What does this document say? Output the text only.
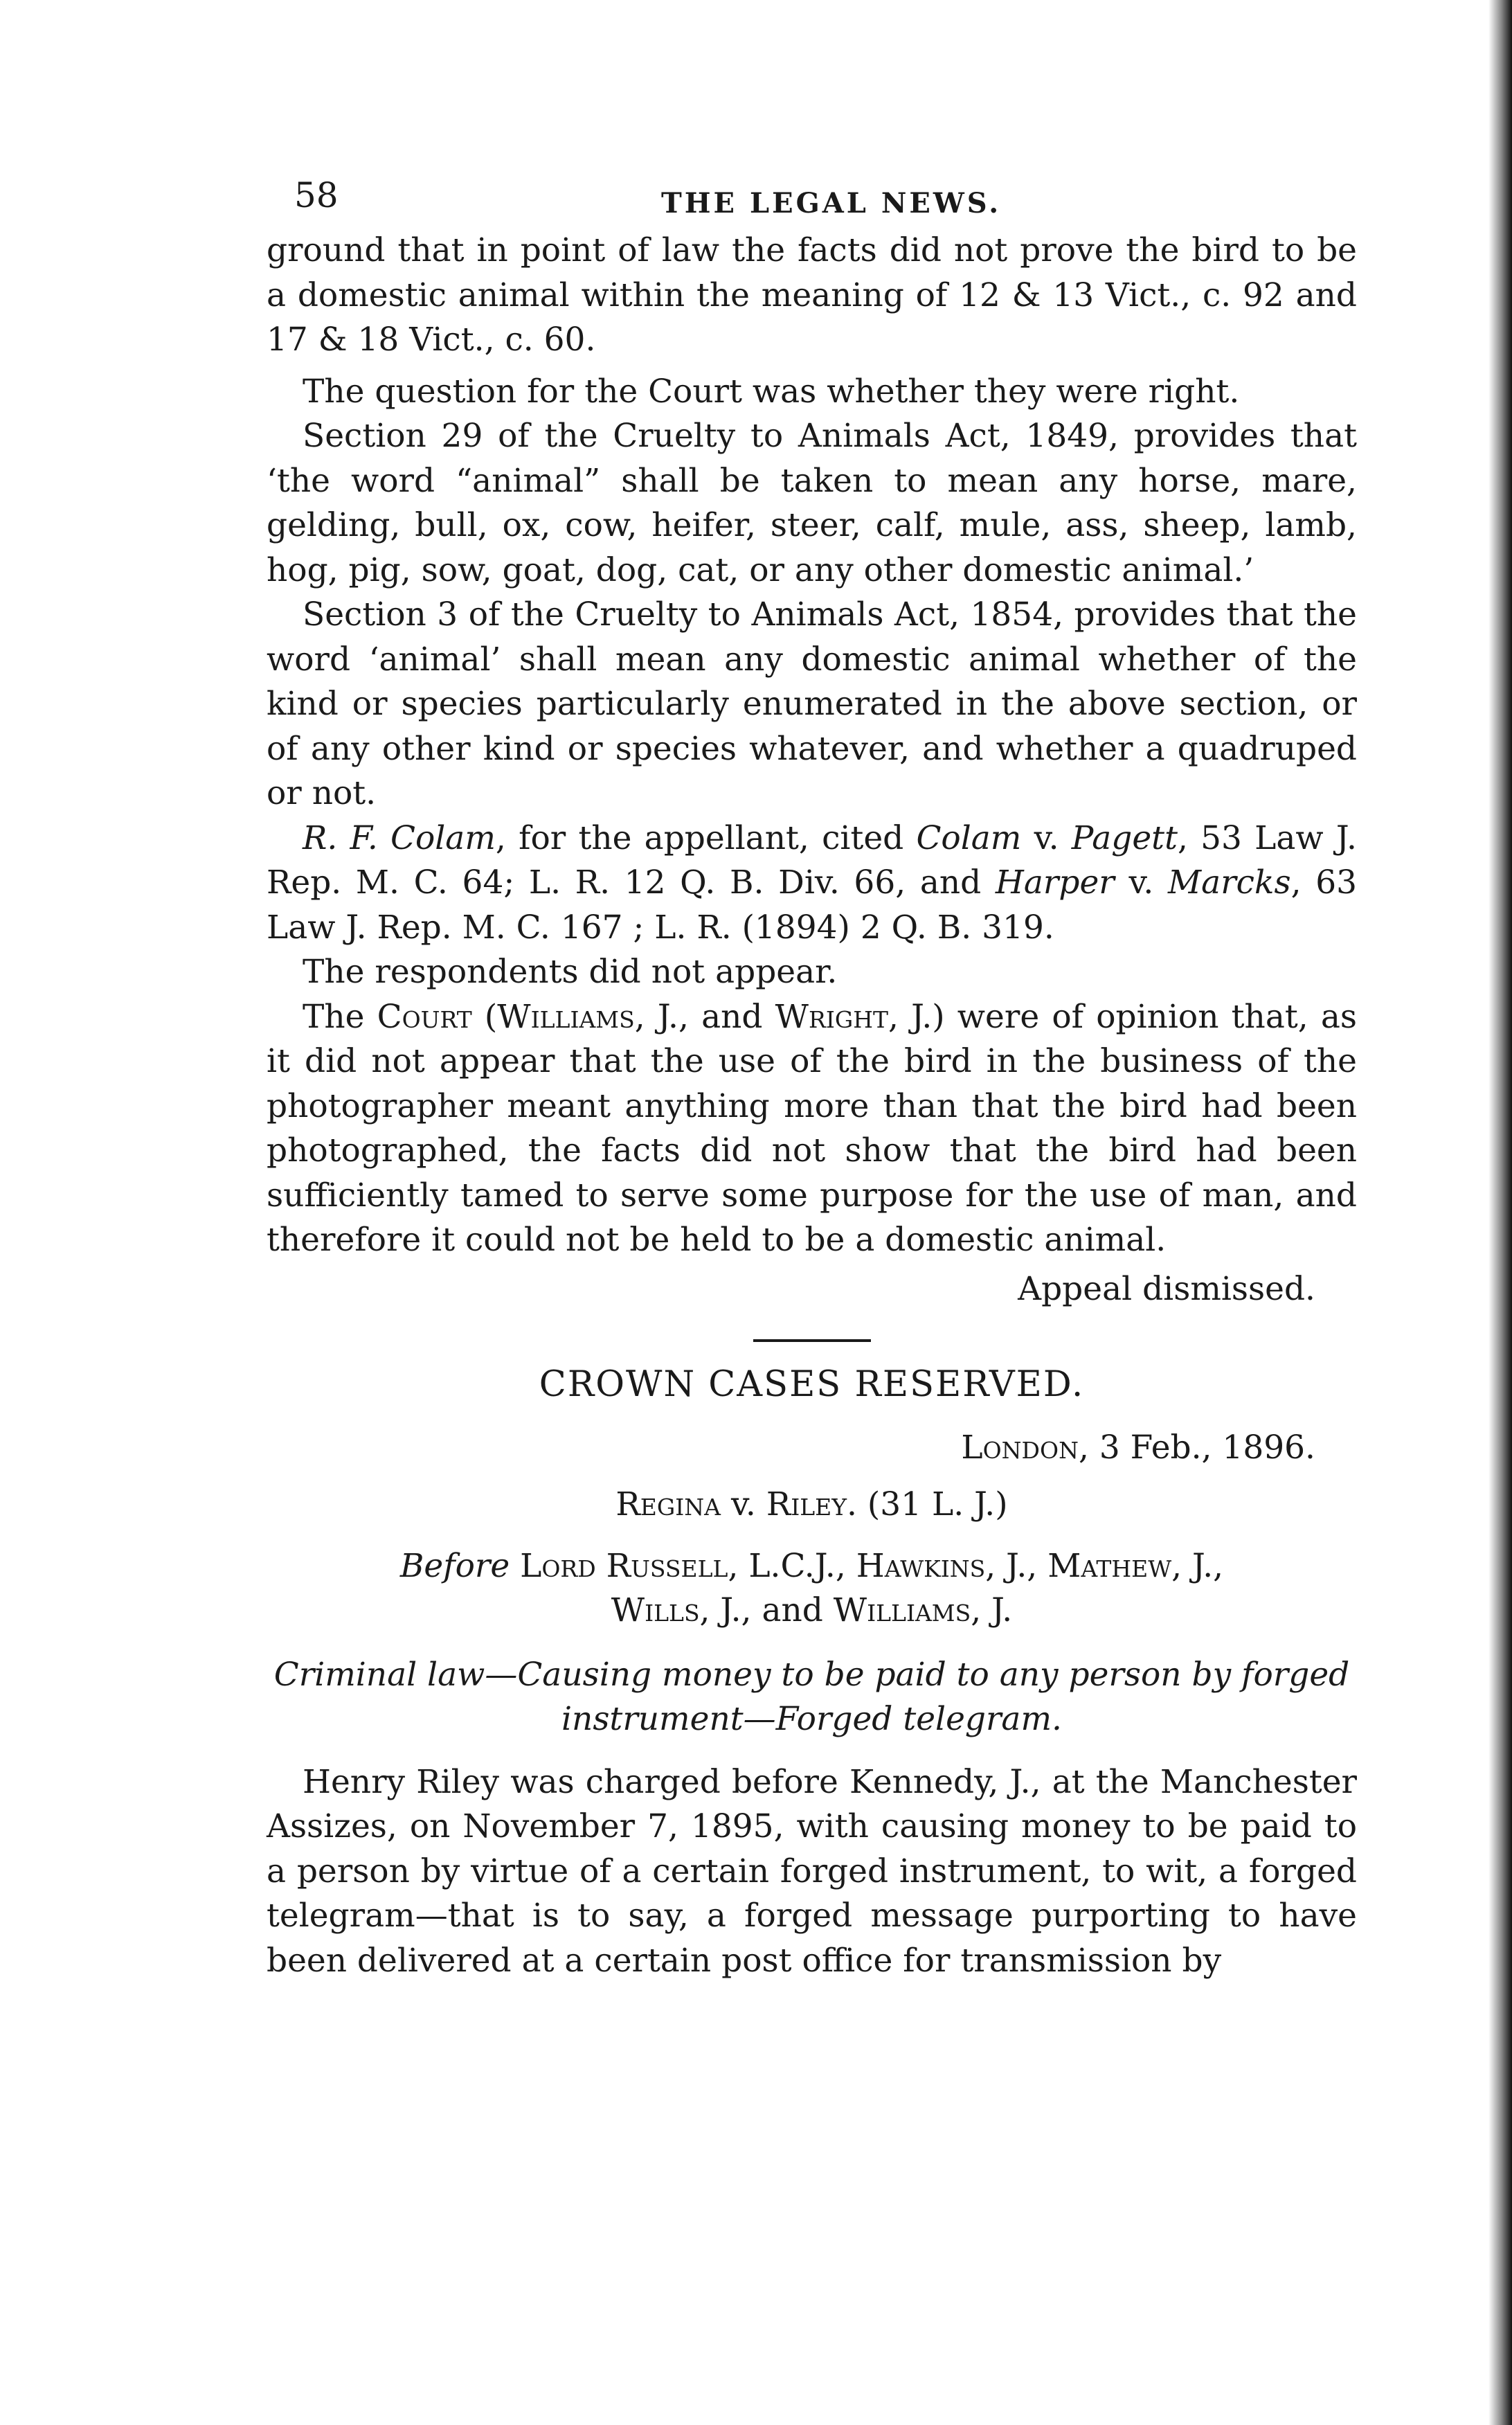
58	THE LEGAL NEWS.

ground that in point of law the facts did not prove the bird to be a domestic animal within the meaning of 12 & 13 Vict., c. 92 and 17 & 18 Vict., c. 60.

The question for the Court was whether they were right.

Section 29 of the Cruelty to Animals Act, 1849, provides that ‘the word “animal” shall be taken to mean any horse, mare, gelding, bull, ox, cow, heifer, steer, calf, mule, ass, sheep, lamb, hog, pig, sow, goat, dog, cat, or any other domestic animal.’

Section 3 of the Cruelty to Animals Act, 1854, provides that the word ‘animal’ shall mean any domestic animal whether of the kind or species particularly enumerated in the above section, or of any other kind or species whatever, and whether a quadruped or not.

R. F. Colam, for the appellant, cited Colam v. Pagett, 53 Law J. Rep. M. C. 64; L. R. 12 Q. B. Div. 66, and Harper v. Marcks, 63 Law J. Rep. M. C. 167 ; L. R. (1894) 2 Q. B. 319.

The respondents did not appear.

The Court (Williams, J., and Wright, J.) were of opinion that, as it did not appear that the use of the bird in the business of the photographer meant anything more than that the bird had been photographed, the facts did not show that the bird had been sufficiently tamed to serve some purpose for the use of man, and therefore it could not be held to be a domestic animal.

Appeal dismissed.

CROWN CASES RESERVED.

London, 3 Feb., 1896.

Regina v. Riley. (31 L. J.)

Before Lord Russell, L.C.J., Hawkins, J., Mathew, J.,
Wills, J., and Williams, J.

Criminal law—Causing money to be paid to any person by forged instrument—Forged telegram.

Henry Riley was charged before Kennedy, J., at the Manchester Assizes, on November 7, 1895, with causing money to be paid to a person by virtue of a certain forged instrument, to wit, a forged telegram—that is to say, a forged message purporting to have been delivered at a certain post office for transmission by
